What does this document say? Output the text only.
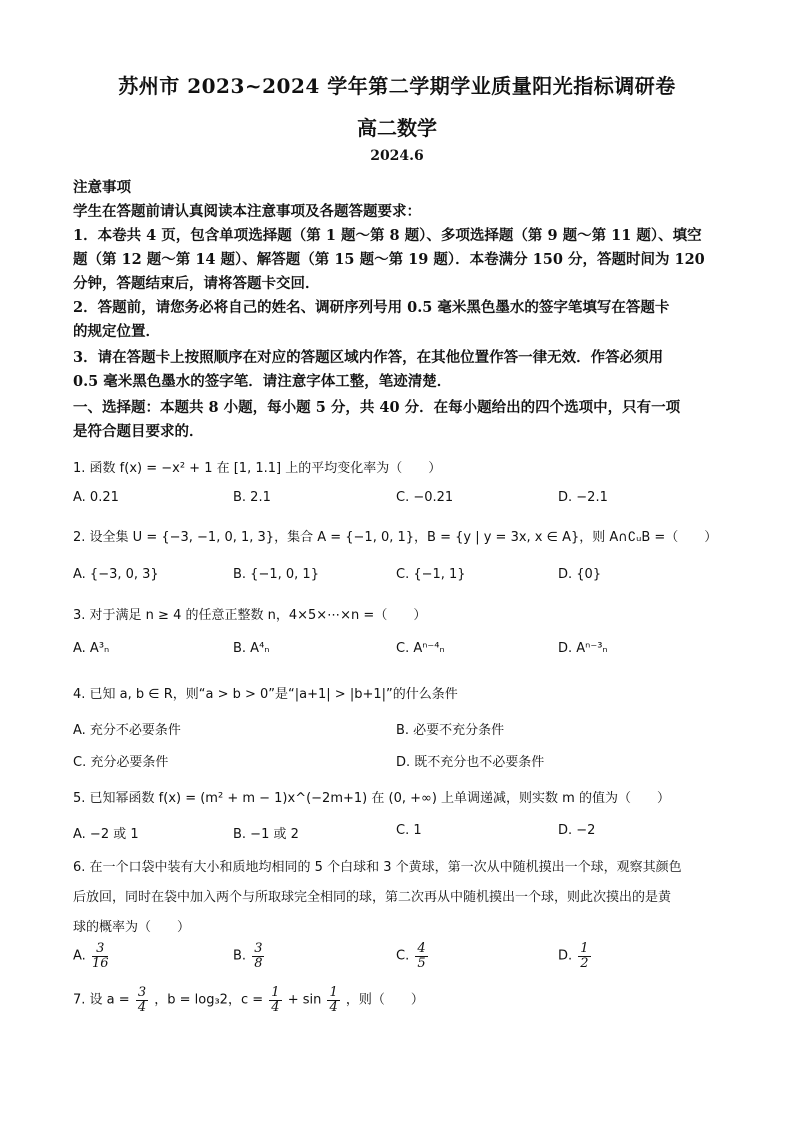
苏州市 2023~2024 学年第二学期学业质量阳光指标调研卷
高二数学
2024.6
注意事项
学生在答题前请认真阅读本注意事项及各题答题要求：
1．本卷共 4 页，包含单项选择题（第 1 题～第 8 题）、多项选择题（第 9 题～第 11 题）、填空
题（第 12 题～第 14 题）、解答题（第 15 题～第 19 题）．本卷满分 150 分，答题时间为 120
分钟，答题结束后，请将答题卡交回．
2．答题前，请您务必将自己的姓名、调研序列号用 0.5 毫米黑色墨水的签字笔填写在答题卡
的规定位置．
3．请在答题卡上按照顺序在对应的答题区域内作答，在其他位置作答一律无效．作答必须用
0.5 毫米黑色墨水的签字笔．请注意字体工整，笔迹清楚．
一、选择题：本题共 8 小题，每小题 5 分，共 40 分．在每小题给出的四个选项中，只有一项
是符合题目要求的．
1. 函数 f(x) = −x² + 1 在 [1, 1.1] 上的平均变化率为（　　）
A. 0.21	B. 2.1	C. −0.21	D. −2.1
2. 设全集 U = {−3, −1, 0, 1, 3}，集合 A = {−1, 0, 1}，B = {y | y = 3x, x ∈ A}，则 A∩∁ᵤB =（　　）
A. {−3, 0, 3}	B. {−1, 0, 1}	C. {−1, 1}	D. {0}
3. 对于满足 n ≥ 4 的任意正整数 n，4×5×⋯×n =（　　）
A. A³ₙ	B. A⁴ₙ	C. Aⁿ⁻⁴ₙ	D. Aⁿ⁻³ₙ
4. 已知 a, b ∈ R，则“a > b > 0”是“|a+1| > |b+1|”的什么条件
A. 充分不必要条件	B. 必要不充分条件
C. 充分必要条件	D. 既不充分也不必要条件
5. 已知幂函数 f(x) = (m² + m − 1)x^(−2m+1) 在 (0, +∞) 上单调递减，则实数 m 的值为（　　）
A. −2 或 1	B. −1 或 2	C. 1	D. −2
6. 在一个口袋中装有大小和质地均相同的 5 个白球和 3 个黄球，第一次从中随机摸出一个球，观察其颜色
后放回，同时在袋中加入两个与所取球完全相同的球，第二次再从中随机摸出一个球，则此次摸出的是黄
球的概率为（　　）
A. $\frac{3}{16}$	B. $\frac{3}{8}$	C. $\frac{4}{5}$	D. $\frac{1}{2}$
7. 设 $a = \frac{3}{4}$ ，b = log₃2，$c = \frac{1}{4} + \sin \frac{1}{4}$ ，则（　　）
